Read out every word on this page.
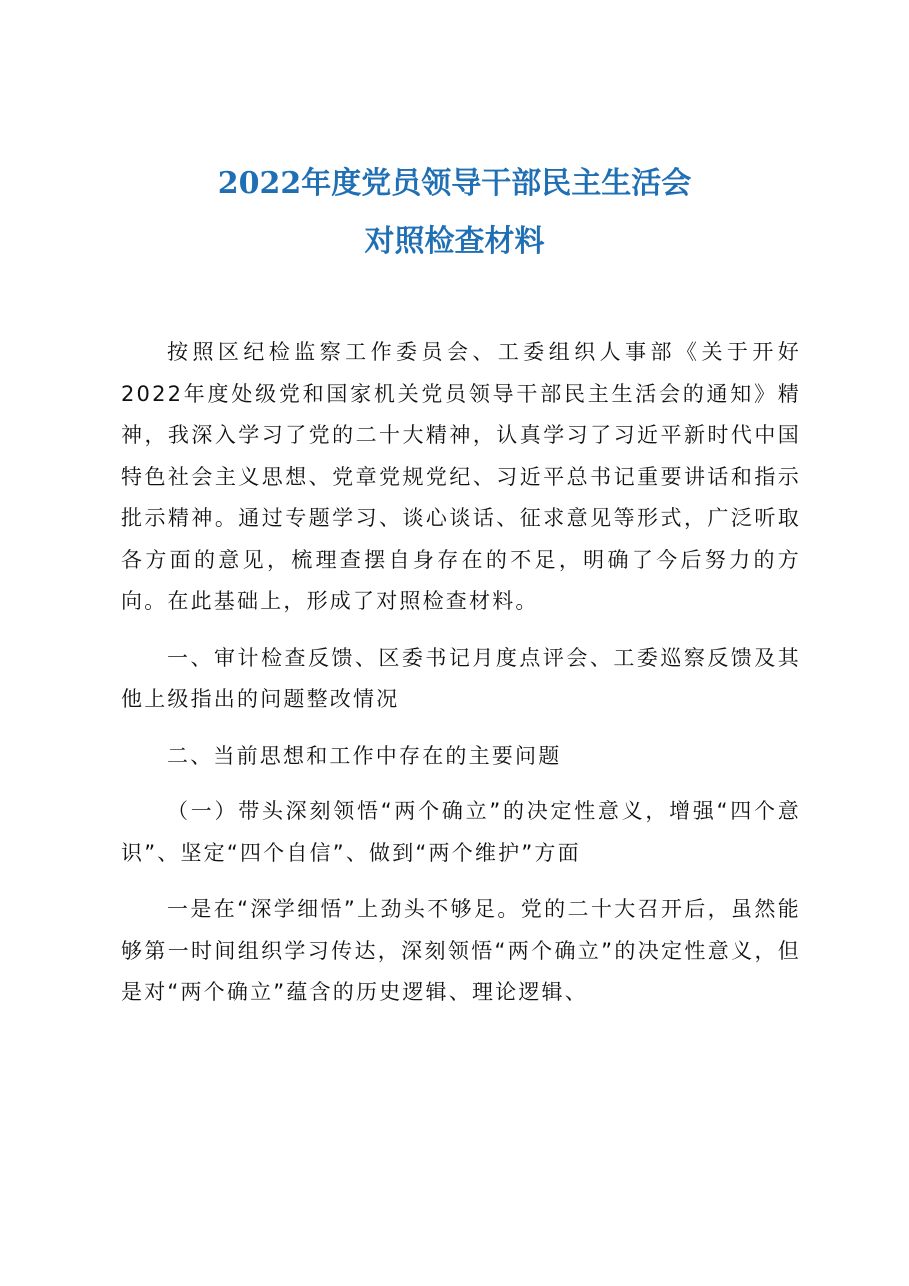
2022年度党员领导干部民主生活会
对照检查材料

按照区纪检监察工作委员会、工委组织人事部《关于开好2022年度处级党和国家机关党员领导干部民主生活会的通知》精神，我深入学习了党的二十大精神，认真学习了习近平新时代中国特色社会主义思想、党章党规党纪、习近平总书记重要讲话和指示批示精神。通过专题学习、谈心谈话、征求意见等形式，广泛听取各方面的意见，梳理查摆自身存在的不足，明确了今后努力的方向。在此基础上，形成了对照检查材料。

一、审计检查反馈、区委书记月度点评会、工委巡察反馈及其他上级指出的问题整改情况

二、当前思想和工作中存在的主要问题

（一）带头深刻领悟“两个确立”的决定性意义，增强“四个意识”、坚定“四个自信”、做到“两个维护”方面

一是在“深学细悟”上劲头不够足。党的二十大召开后，虽然能够第一时间组织学习传达，深刻领悟“两个确立”的决定性意义，但是对“两个确立”蕴含的历史逻辑、理论逻辑、
